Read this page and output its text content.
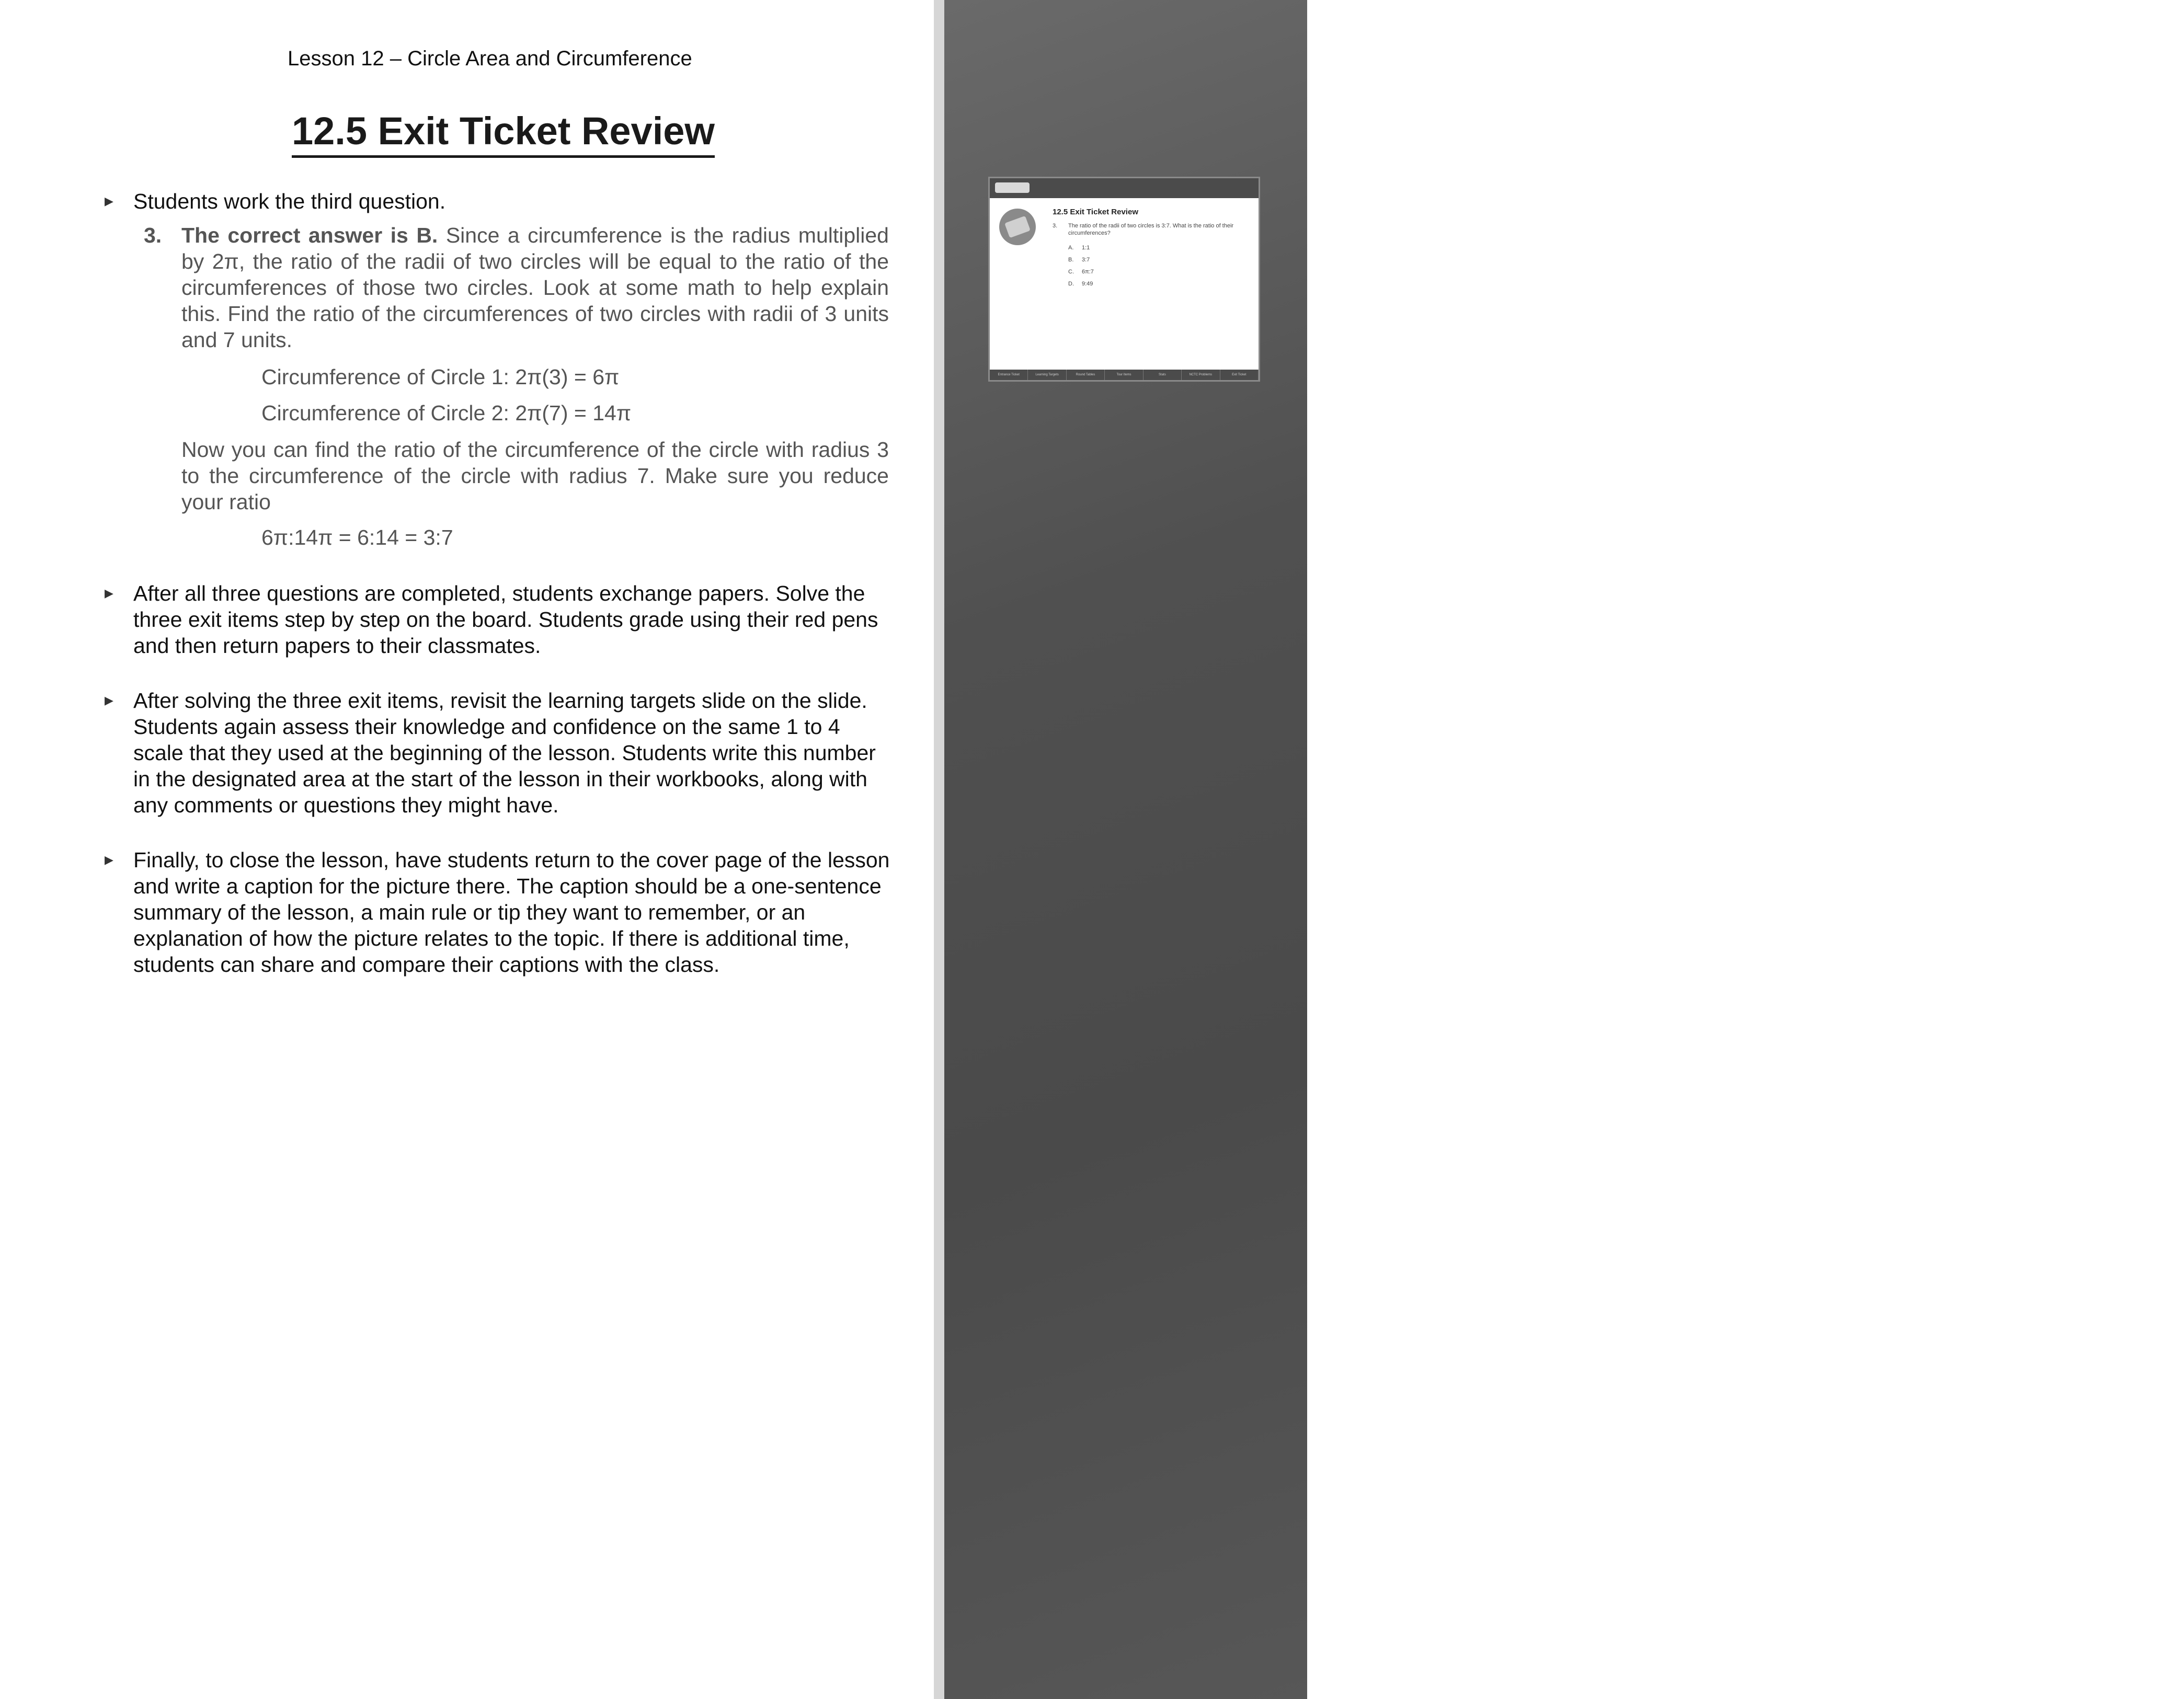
Lesson 12 – Circle Area and Circumference
12.5 Exit Ticket Review
▶ Students work the third question.
3. The correct answer is B. Since a circumference is the radius multiplied by 2π, the ratio of the radii of two circles will be equal to the ratio of the circumferences of those two circles. Look at some math to help explain this. Find the ratio of the circumferences of two circles with radii of 3 units and 7 units.
Circumference of Circle 1: 2π(3) = 6π
Circumference of Circle 2: 2π(7) = 14π
Now you can find the ratio of the circumference of the circle with radius 3 to the circumference of the circle with radius 7. Make sure you reduce your ratio
6π:14π = 6:14 = 3:7
▶ After all three questions are completed, students exchange papers. Solve the three exit items step by step on the board. Students grade using their red pens and then return papers to their classmates.
▶ After solving the three exit items, revisit the learning targets slide on the slide. Students again assess their knowledge and confidence on the same 1 to 4 scale that they used at the beginning of the lesson. Students write this number in the designated area at the start of the lesson in their workbooks, along with any comments or questions they might have.
▶ Finally, to close the lesson, have students return to the cover page of the lesson and write a caption for the picture there. The caption should be a one-sentence summary of the lesson, a main rule or tip they want to remember, or an explanation of how the picture relates to the topic. If there is additional time, students can share and compare their captions with the class.
345
12.5 Exit Ticket Review
3.	The ratio of the radii of two circles is 3:7. What is the ratio of their circumferences?
A. 1:1
B. 3:7
C. 6π:7
D. 9:49
Entrance Ticket	Learning Targets	Round Tables	Tour Items	Stats	NCTC Problems	Exit Ticket
